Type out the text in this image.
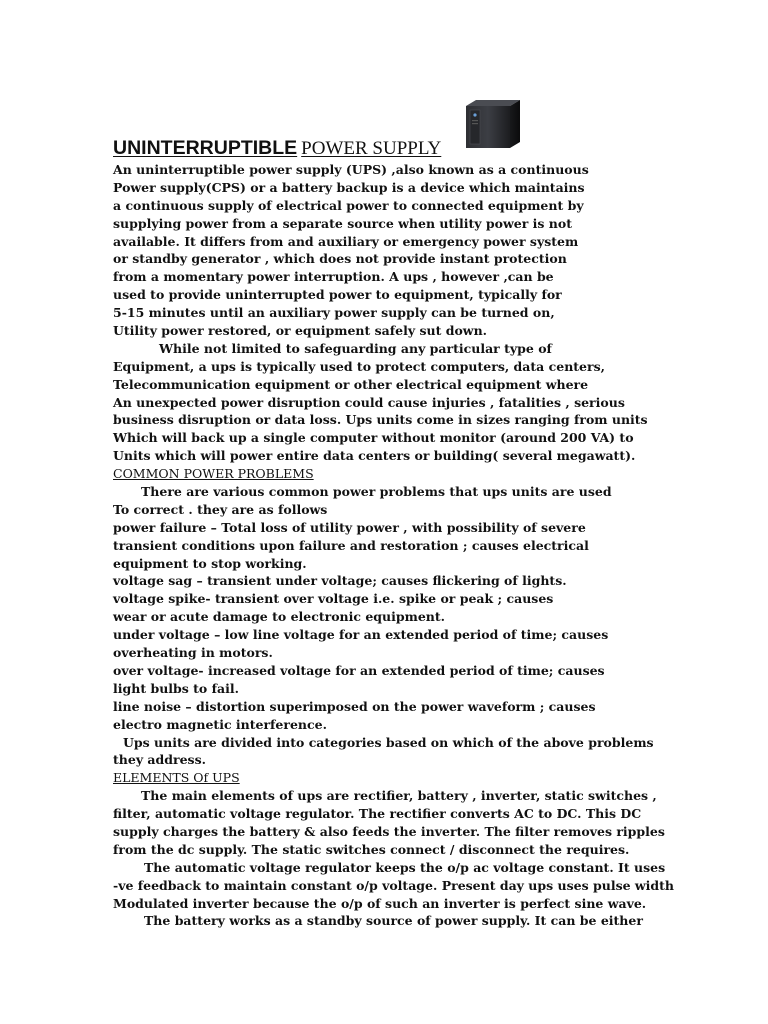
UNINTERRUPTIBLE POWER SUPPLY
An uninterruptible power supply (UPS) ,also known as a continuous
Power supply(CPS) or a battery backup is a device which maintains
a continuous supply of electrical power to connected equipment by
supplying power from a separate source when utility power is not
available. It differs from and auxiliary or emergency power system
or standby generator , which does not provide instant protection
from a momentary power interruption. A ups , however ,can be
used to provide uninterrupted power to equipment, typically for
5-15 minutes until an auxiliary power supply can be turned on,
Utility power restored, or equipment safely sut down.
While not limited to safeguarding any particular type of
Equipment, a ups is typically used to protect computers, data centers,
Telecommunication equipment or other electrical equipment where
An unexpected power disruption could cause injuries , fatalities , serious
business disruption or data loss. Ups units come in sizes ranging from units
Which will back up a single computer without monitor (around 200 VA) to
Units which will power entire data centers or building( several megawatt).
COMMON POWER PROBLEMS
There are various common power problems that ups units are used
To correct . they are as follows
power failure – Total loss of utility power , with possibility of severe
transient conditions upon failure and restoration ; causes electrical
equipment to stop working.
voltage sag – transient under voltage; causes flickering of lights.
voltage spike- transient over voltage i.e. spike or peak ; causes
wear or acute damage to electronic equipment.
under voltage – low line voltage for an extended period of time; causes
overheating in motors.
over voltage- increased voltage for an extended period of time; causes
light bulbs to fail.
line noise – distortion superimposed on the power waveform ; causes
electro magnetic interference.
Ups units are divided into categories based on which of the above problems
they address.
ELEMENTS Of UPS
The main elements of ups are rectifier, battery , inverter, static switches ,
filter, automatic voltage regulator. The rectifier converts AC to DC. This DC
supply charges the battery & also feeds the inverter. The filter removes ripples
from the dc supply. The static switches connect / disconnect the requires.
The automatic voltage regulator keeps the o/p ac voltage constant. It uses
-ve feedback to maintain constant o/p voltage. Present day ups uses pulse width
Modulated inverter because the o/p of such an inverter is perfect sine wave.
The battery works as a standby source of power supply. It can be either
